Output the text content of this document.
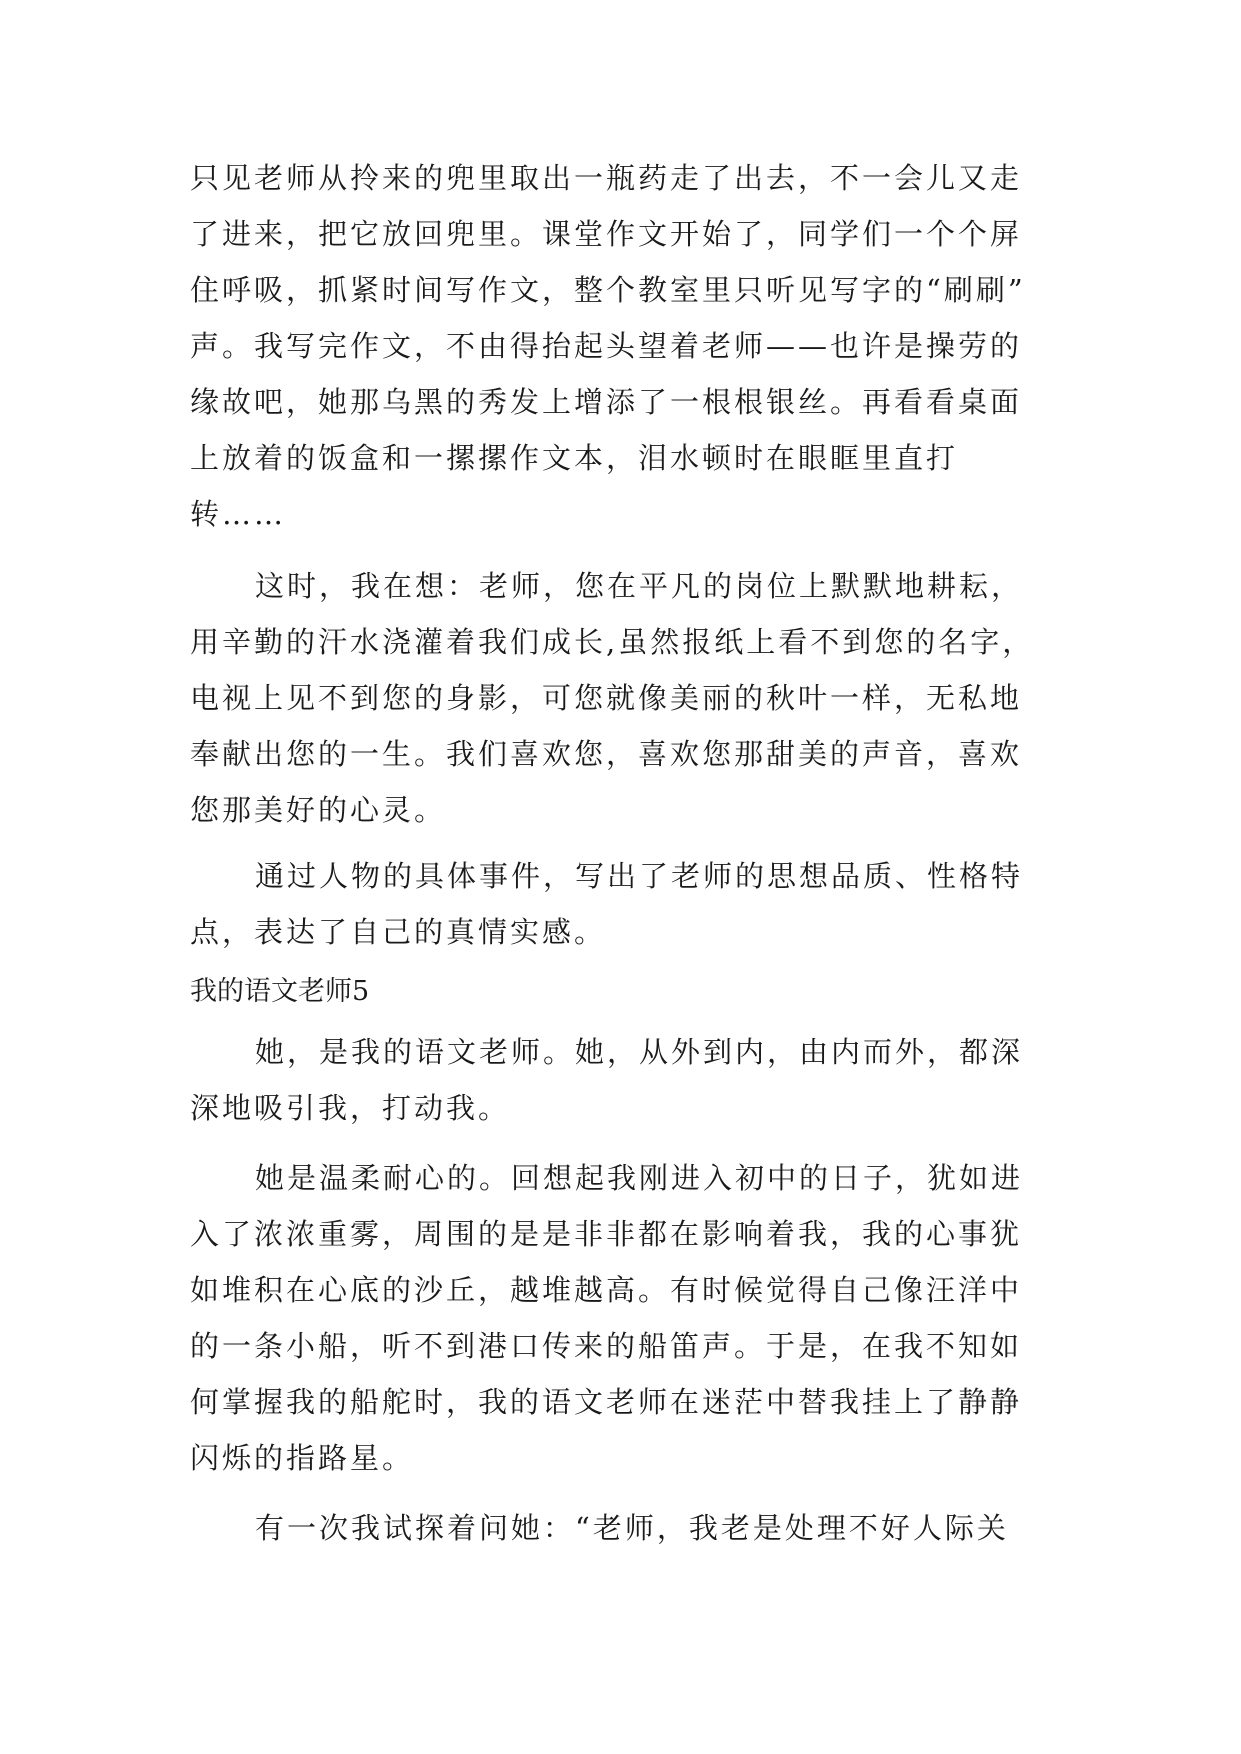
只见老师从拎来的兜里取出一瓶药走了出去，不一会儿又走
了进来，把它放回兜里。课堂作文开始了，同学们一个个屏
住呼吸，抓紧时间写作文，整个教室里只听见写字的“刷刷”
声。我写完作文，不由得抬起头望着老师——也许是操劳的
缘故吧，她那乌黑的秀发上增添了一根根银丝。再看看桌面
上放着的饭盒和一摞摞作文本，泪水顿时在眼眶里直打
转……
这时，我在想：老师，您在平凡的岗位上默默地耕耘，
用辛勤的汗水浇灌着我们成长,虽然报纸上看不到您的名字，
电视上见不到您的身影，可您就像美丽的秋叶一样，无私地
奉献出您的一生。我们喜欢您，喜欢您那甜美的声音，喜欢
您那美好的心灵。
通过人物的具体事件，写出了老师的思想品质、性格特
点，表达了自己的真情实感。
我的语文老师5
她，是我的语文老师。她，从外到内，由内而外，都深
深地吸引我，打动我。
她是温柔耐心的。回想起我刚进入初中的日子，犹如进
入了浓浓重雾，周围的是是非非都在影响着我，我的心事犹
如堆积在心底的沙丘，越堆越高。有时候觉得自己像汪洋中
的一条小船，听不到港口传来的船笛声。于是，在我不知如
何掌握我的船舵时，我的语文老师在迷茫中替我挂上了静静
闪烁的指路星。
有一次我试探着问她：“老师，我老是处理不好人际关
